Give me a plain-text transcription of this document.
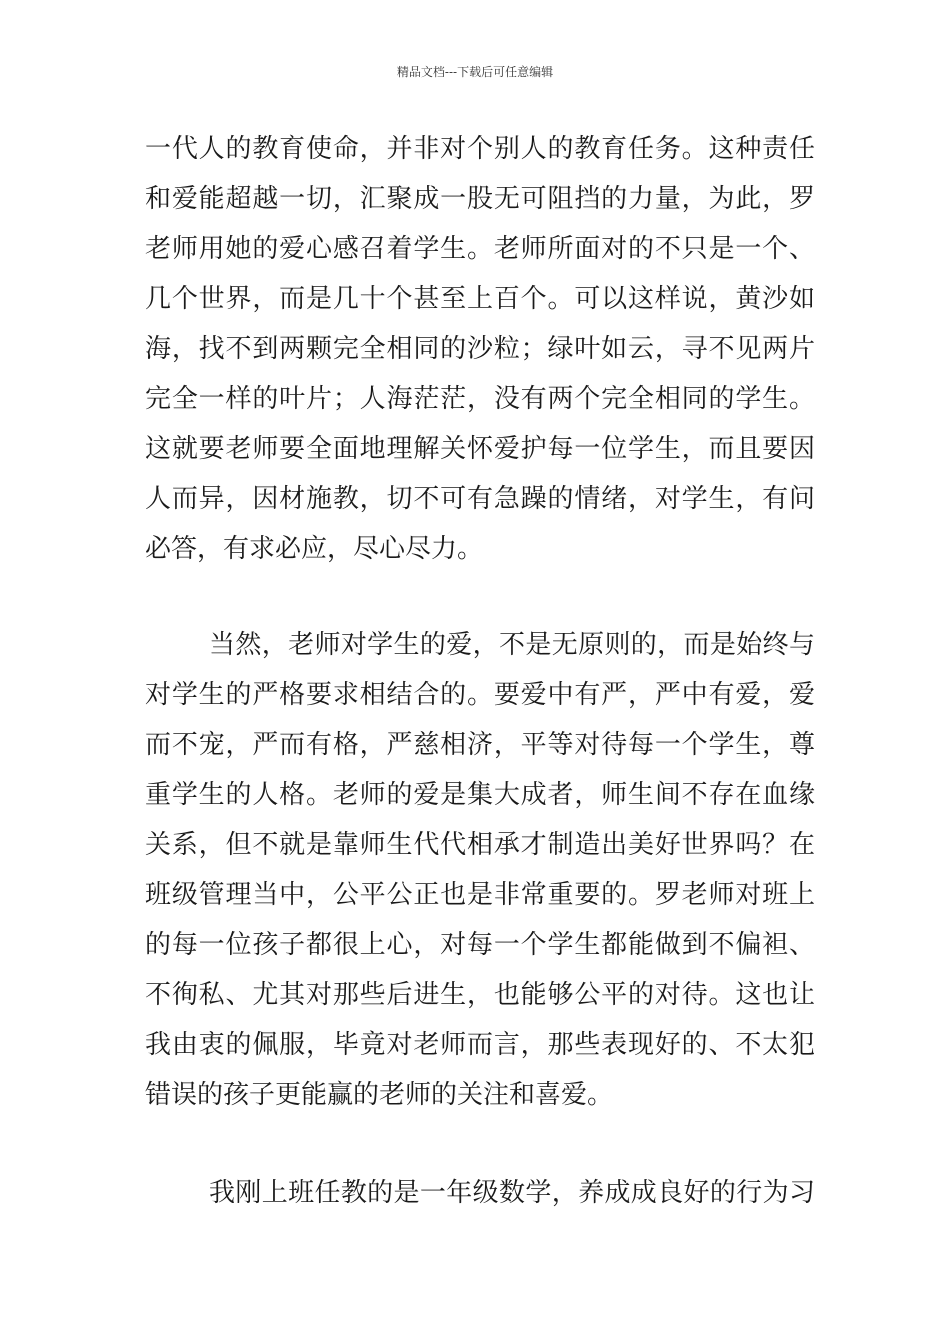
精品文档---下载后可任意编辑
一代人的教育使命，并非对个别人的教育任务。这种责任
和爱能超越一切，汇聚成一股无可阻挡的力量，为此，罗
老师用她的爱心感召着学生。老师所面对的不只是一个、
几个世界，而是几十个甚至上百个。可以这样说，黄沙如
海，找不到两颗完全相同的沙粒；绿叶如云，寻不见两片
完全一样的叶片；人海茫茫，没有两个完全相同的学生。
这就要老师要全面地理解关怀爱护每一位学生，而且要因
人而异，因材施教，切不可有急躁的情绪，对学生，有问
必答，有求必应，尽心尽力。
当然，老师对学生的爱，不是无原则的，而是始终与
对学生的严格要求相结合的。要爱中有严，严中有爱，爱
而不宠，严而有格，严慈相济，平等对待每一个学生，尊
重学生的人格。老师的爱是集大成者，师生间不存在血缘
关系，但不就是靠师生代代相承才制造出美好世界吗？在
班级管理当中，公平公正也是非常重要的。罗老师对班上
的每一位孩子都很上心，对每一个学生都能做到不偏袒、
不徇私、尤其对那些后进生，也能够公平的对待。这也让
我由衷的佩服，毕竟对老师而言，那些表现好的、不太犯
错误的孩子更能赢的老师的关注和喜爱。
我刚上班任教的是一年级数学，养成成良好的行为习
